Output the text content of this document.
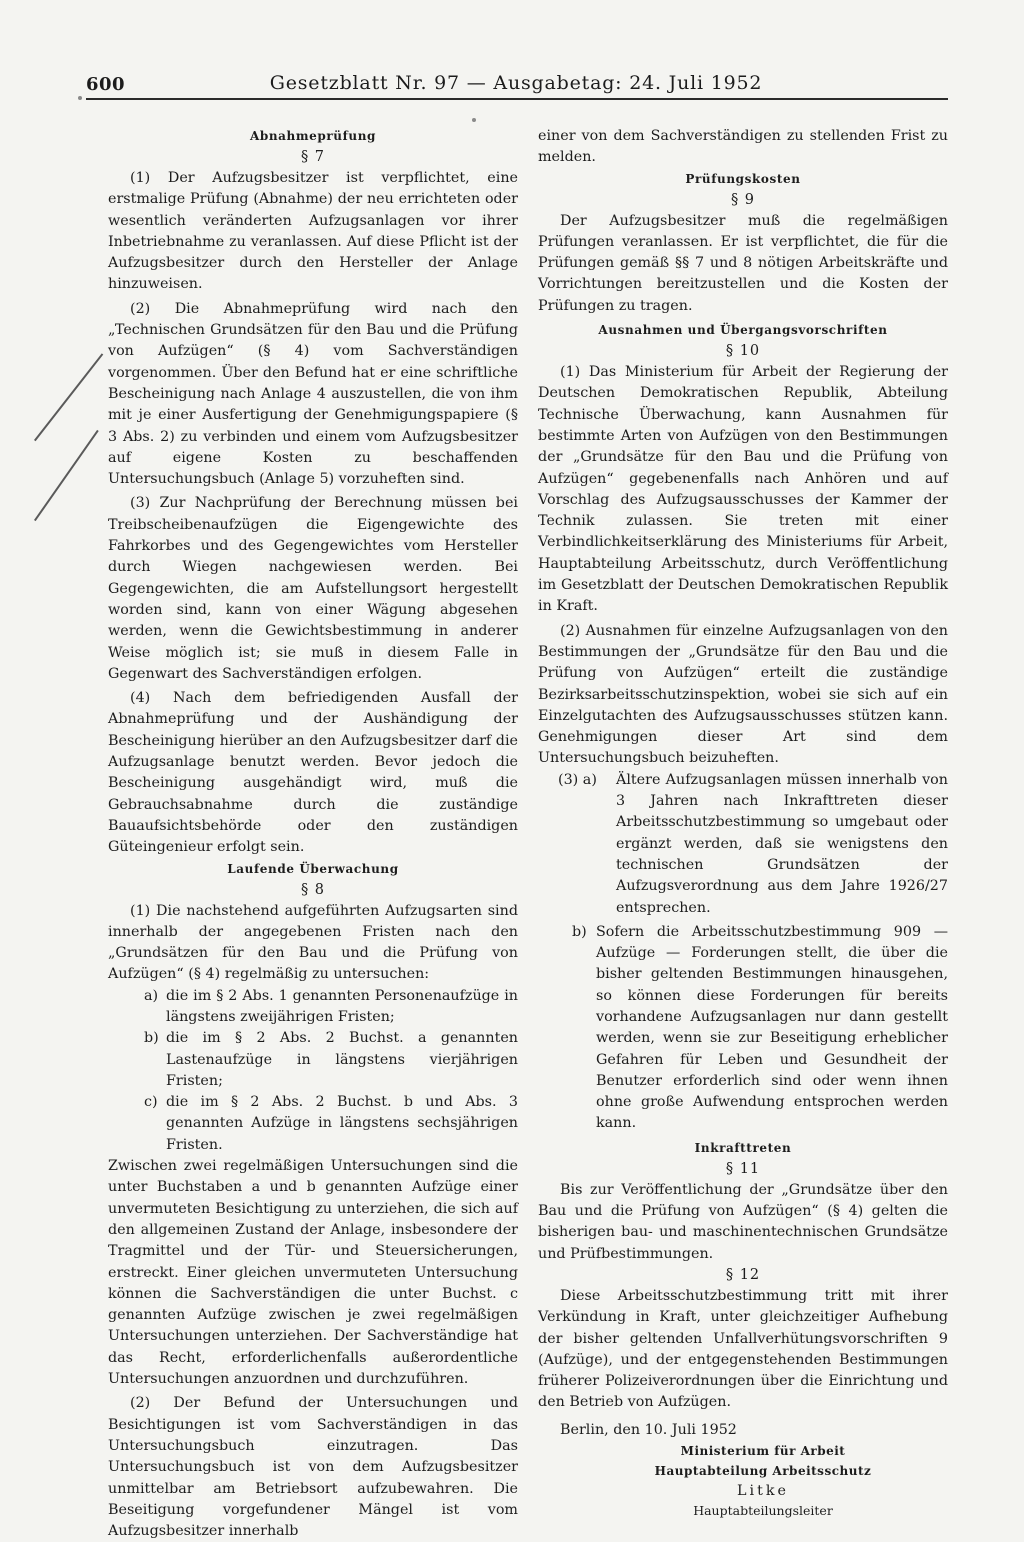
600	Gesetzblatt Nr. 97 — Ausgabetag: 24. Juli 1952

Abnahmeprüfung

§ 7

(1) Der Aufzugsbesitzer ist verpflichtet, eine erstmalige Prüfung (Abnahme) der neu errichteten oder wesentlich veränderten Aufzugsanlagen vor ihrer Inbetriebnahme zu veranlassen. Auf diese Pflicht ist der Aufzugsbesitzer durch den Hersteller der Anlage hinzuweisen.

(2) Die Abnahmeprüfung wird nach den „Technischen Grundsätzen für den Bau und die Prüfung von Aufzügen“ (§ 4) vom Sachverständigen vorgenommen. Über den Befund hat er eine schriftliche Bescheinigung nach Anlage 4 auszustellen, die von ihm mit je einer Ausfertigung der Genehmigungspapiere (§ 3 Abs. 2) zu verbinden und einem vom Aufzugsbesitzer auf eigene Kosten zu beschaffenden Untersuchungsbuch (Anlage 5) vorzuheften sind.

(3) Zur Nachprüfung der Berechnung müssen bei Treibscheibenaufzügen die Eigengewichte des Fahrkorbes und des Gegengewichtes vom Hersteller durch Wiegen nachgewiesen werden. Bei Gegengewichten, die am Aufstellungsort hergestellt worden sind, kann von einer Wägung abgesehen werden, wenn die Gewichtsbestimmung in anderer Weise möglich ist; sie muß in diesem Falle in Gegenwart des Sachverständigen erfolgen.

(4) Nach dem befriedigenden Ausfall der Abnahmeprüfung und der Aushändigung der Bescheinigung hierüber an den Aufzugsbesitzer darf die Aufzugsanlage benutzt werden. Bevor jedoch die Bescheinigung ausgehändigt wird, muß die Gebrauchsabnahme durch die zuständige Bauaufsichtsbehörde oder den zuständigen Güteingenieur erfolgt sein.

Laufende Überwachung

§ 8

(1) Die nachstehend aufgeführten Aufzugsarten sind innerhalb der angegebenen Fristen nach den „Grundsätzen für den Bau und die Prüfung von Aufzügen“ (§ 4) regelmäßig zu untersuchen:

a) die im § 2 Abs. 1 genannten Personenaufzüge in längstens zweijährigen Fristen;
b) die im § 2 Abs. 2 Buchst. a genannten Lastenaufzüge in längstens vierjährigen Fristen;
c) die im § 2 Abs. 2 Buchst. b und Abs. 3 genannten Aufzüge in längstens sechsjährigen Fristen.

Zwischen zwei regelmäßigen Untersuchungen sind die unter Buchstaben a und b genannten Aufzüge einer unvermuteten Besichtigung zu unterziehen, die sich auf den allgemeinen Zustand der Anlage, insbesondere der Tragmittel und der Tür- und Steuersicherungen, erstreckt. Einer gleichen unvermuteten Untersuchung können die Sachverständigen die unter Buchst. c genannten Aufzüge zwischen je zwei regelmäßigen Untersuchungen unterziehen. Der Sachverständige hat das Recht, erforderlichenfalls außerordentliche Untersuchungen anzuordnen und durchzuführen.

(2) Der Befund der Untersuchungen und Besichtigungen ist vom Sachverständigen in das Untersuchungsbuch einzutragen. Das Untersuchungsbuch ist von dem Aufzugsbesitzer unmittelbar am Betriebsort aufzubewahren. Die Beseitigung vorgefundener Mängel ist vom Aufzugsbesitzer innerhalb

einer von dem Sachverständigen zu stellenden Frist zu melden.

Prüfungskosten

§ 9

Der Aufzugsbesitzer muß die regelmäßigen Prüfungen veranlassen. Er ist verpflichtet, die für die Prüfungen gemäß §§ 7 und 8 nötigen Arbeitskräfte und Vorrichtungen bereitzustellen und die Kosten der Prüfungen zu tragen.

Ausnahmen und Übergangsvorschriften

§ 10

(1) Das Ministerium für Arbeit der Regierung der Deutschen Demokratischen Republik, Abteilung Technische Überwachung, kann Ausnahmen für bestimmte Arten von Aufzügen von den Bestimmungen der „Grundsätze für den Bau und die Prüfung von Aufzügen“ gegebenenfalls nach Anhören und auf Vorschlag des Aufzugsausschusses der Kammer der Technik zulassen. Sie treten mit einer Verbindlichkeitserklärung des Ministeriums für Arbeit, Hauptabteilung Arbeitsschutz, durch Veröffentlichung im Gesetzblatt der Deutschen Demokratischen Republik in Kraft.

(2) Ausnahmen für einzelne Aufzugsanlagen von den Bestimmungen der „Grundsätze für den Bau und die Prüfung von Aufzügen“ erteilt die zuständige Bezirksarbeitsschutzinspektion, wobei sie sich auf ein Einzelgutachten des Aufzugsausschusses stützen kann. Genehmigungen dieser Art sind dem Untersuchungsbuch beizuheften.

(3) a)	Ältere Aufzugsanlagen müssen innerhalb von 3 Jahren nach Inkrafttreten dieser Arbeitsschutzbestimmung so umgebaut oder ergänzt werden, daß sie wenigstens den technischen Grundsätzen der Aufzugsverordnung aus dem Jahre 1926/27 entsprechen.
b) Sofern die Arbeitsschutzbestimmung 909 — Aufzüge — Forderungen stellt, die über die bisher geltenden Bestimmungen hinausgehen, so können diese Forderungen für bereits vorhandene Aufzugsanlagen nur dann gestellt werden, wenn sie zur Beseitigung erheblicher Gefahren für Leben und Gesundheit der Benutzer erforderlich sind oder wenn ihnen ohne große Aufwendung entsprochen werden kann.

Inkrafttreten

§ 11

Bis zur Veröffentlichung der „Grundsätze über den Bau und die Prüfung von Aufzügen“ (§ 4) gelten die bisherigen bau- und maschinentechnischen Grundsätze und Prüfbestimmungen.

§ 12

Diese Arbeitsschutzbestimmung tritt mit ihrer Verkündung in Kraft, unter gleichzeitiger Aufhebung der bisher geltenden Unfallverhütungsvorschriften 9 (Aufzüge), und der entgegenstehenden Bestimmungen früherer Polizeiverordnungen über die Einrichtung und den Betrieb von Aufzügen.

Berlin, den 10. Juli 1952

Ministerium für Arbeit

Hauptabteilung Arbeitsschutz

Litke

Hauptabteilungsleiter
